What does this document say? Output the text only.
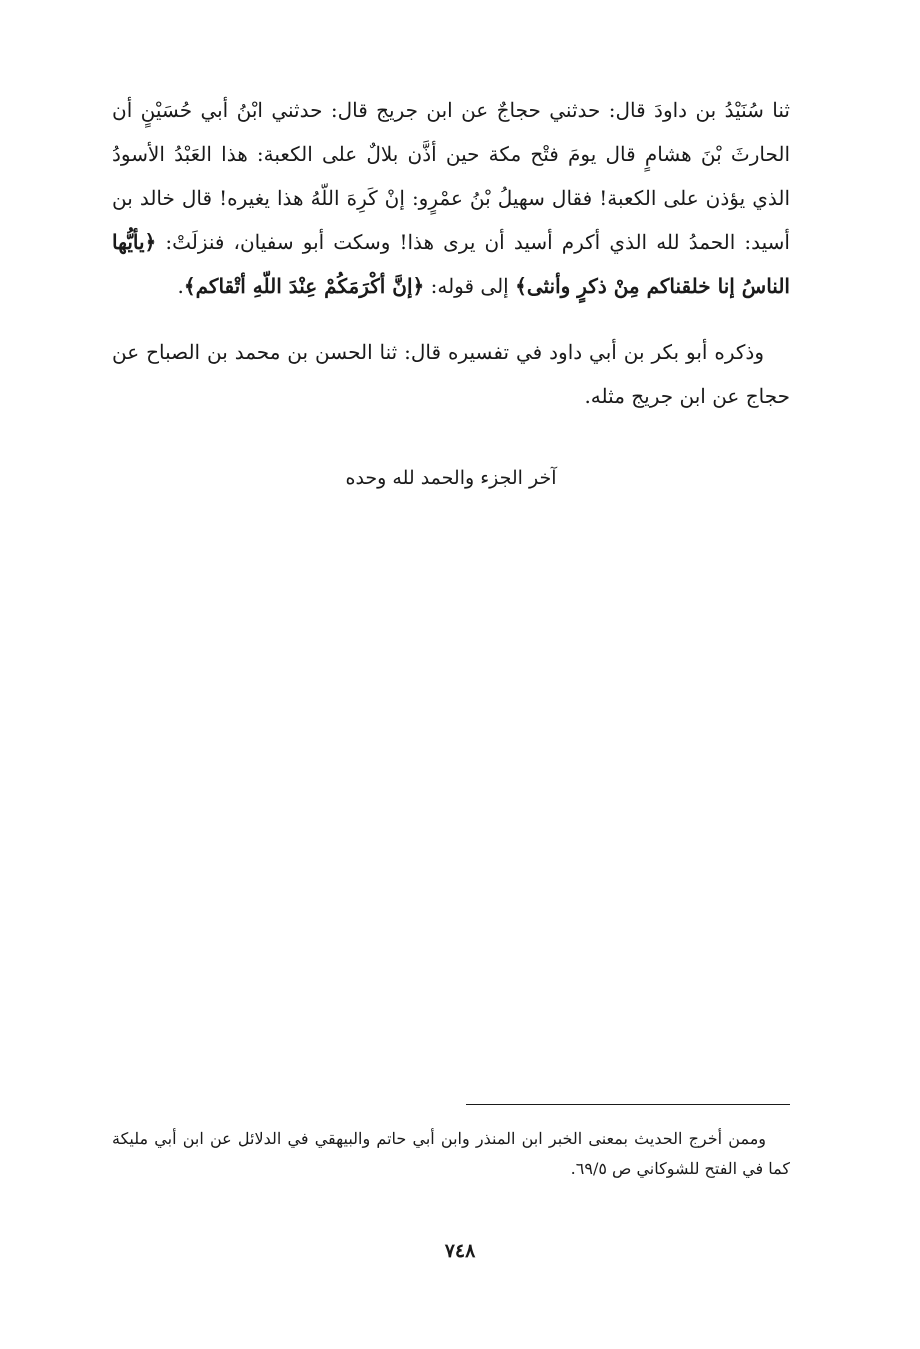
ثنا سُنَيْدُ بن داودَ قال: حدثني حجاجٌ عن ابن جريج قال: حدثني ابْنُ أبي حُسَيْنٍ أن الحارثَ بْنَ هشامٍ قال يومَ فتْح مكة حين أذَّن بلالٌ على الكعبة: هذا العَبْدُ الأسودُ الذي يؤذن على الكعبة! فقال سهيلُ بْنُ عمْرٍو: إنْ كَرِهَ اللّهُ هذا يغيره! قال خالد بن أسيد: الحمدُ لله الذي أكرم أسيد أن يرى هذا! وسكت أبو سفيان، فنزلَتْ: ﴿يأيُّها الناسُ إنا خلقناكم مِنْ ذكرٍ وأنثى﴾ إلى قوله: ﴿إنَّ أكْرَمَكُمْ عِنْدَ اللّهِ أتْقاكم﴾.

وذكره أبو بكر بن أبي داود في تفسيره قال: ثنا الحسن بن محمد بن الصباح عن حجاج عن ابن جريج مثله.

آخر الجزء والحمد لله وحده
وممن أخرج الحديث بمعنى الخبر ابن المنذر وابن أبي حاتم والبيهقي في الدلائل عن ابن أبي مليكة كما في الفتح للشوكاني ص ٦٩/٥.
٧٤٨
